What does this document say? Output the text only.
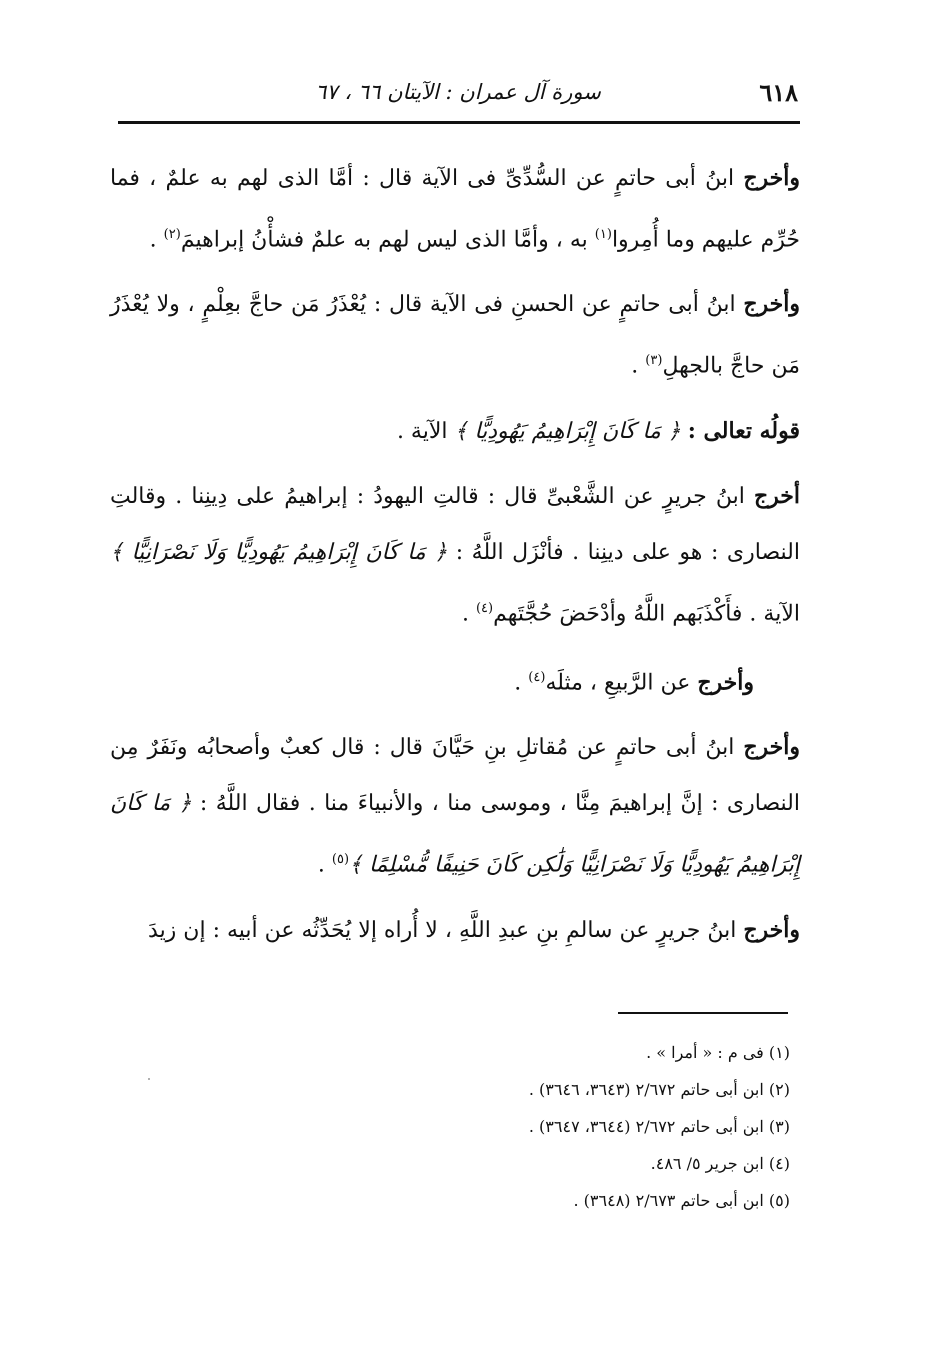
٦١٨
سورة آل عمران : الآيتان ٦٦ ، ٦٧

وأخرج ابنُ أبى حاتمٍ عن السُّدِّىِّ فى الآية قال : أمَّا الذى لهم به علمٌ ، فما حُرِّم عليهم وما أُمِروا$^{(١)}$ به ، وأمَّا الذى ليس لهم به علمٌ فشأْنُ إبراهيمَ$^{(٢)}$ .

وأخرج ابنُ أبى حاتمٍ عن الحسنِ فى الآية قال : يُعْذَرُ مَن حاجَّ بعِلْمٍ ، ولا يُعْذَرُ مَن حاجَّ بالجهلِ$^{(٣)}$ .

قولُه تعالى : ﴿ مَا كَانَ إِبْرَاهِيمُ يَهُودِيًّا ﴾ الآية .

أخرج ابنُ جريرٍ عن الشَّعْبىِّ قال : قالتِ اليهودُ : إبراهيمُ على دِينِنا . وقالتِ النصارى : هو على دينِنا . فأنْزَل اللَّهُ : ﴿ مَا كَانَ إِبْرَاهِيمُ يَهُودِيًّا وَلَا نَصْرَانِيًّا ﴾ الآية . فأَكْذَبَهم اللَّهُ وأدْحَضَ حُجَّتَهم$^{(٤)}$ .

وأخرج عن الرَّبيعِ ، مثلَه$^{(٤)}$ .

وأخرج ابنُ أبى حاتمٍ عن مُقاتلِ بنِ حَيَّانَ قال : قال كعبٌ وأصحابُه ونَفَرٌ مِن النصارى : إنَّ إبراهيمَ مِنَّا ، وموسى منا ، والأنبياءَ منا . فقال اللَّهُ : ﴿ مَا كَانَ إِبْرَاهِيمُ يَهُودِيًّا وَلَا نَصْرَانِيًّا وَلَٰكِن كَانَ حَنِيفًا مُّسْلِمًا ﴾$^{(٥)}$ .

وأخرج ابنُ جريرٍ عن سالمِ بنِ عبدِ اللَّهِ ، لا أُراه إلا يُحَدِّثُه عن أبيه : إن زيدَ

(١) فى م : « أمرا » .
(٢) ابن أبى حاتم ٢/٦٧٢ (٣٦٤٣، ٣٦٤٦) .
(٣) ابن أبى حاتم ٢/٦٧٢ (٣٦٤٤، ٣٦٤٧) .
(٤) ابن جرير ٥/ ٤٨٦.
(٥) ابن أبى حاتم ٢/٦٧٣ (٣٦٤٨) .
